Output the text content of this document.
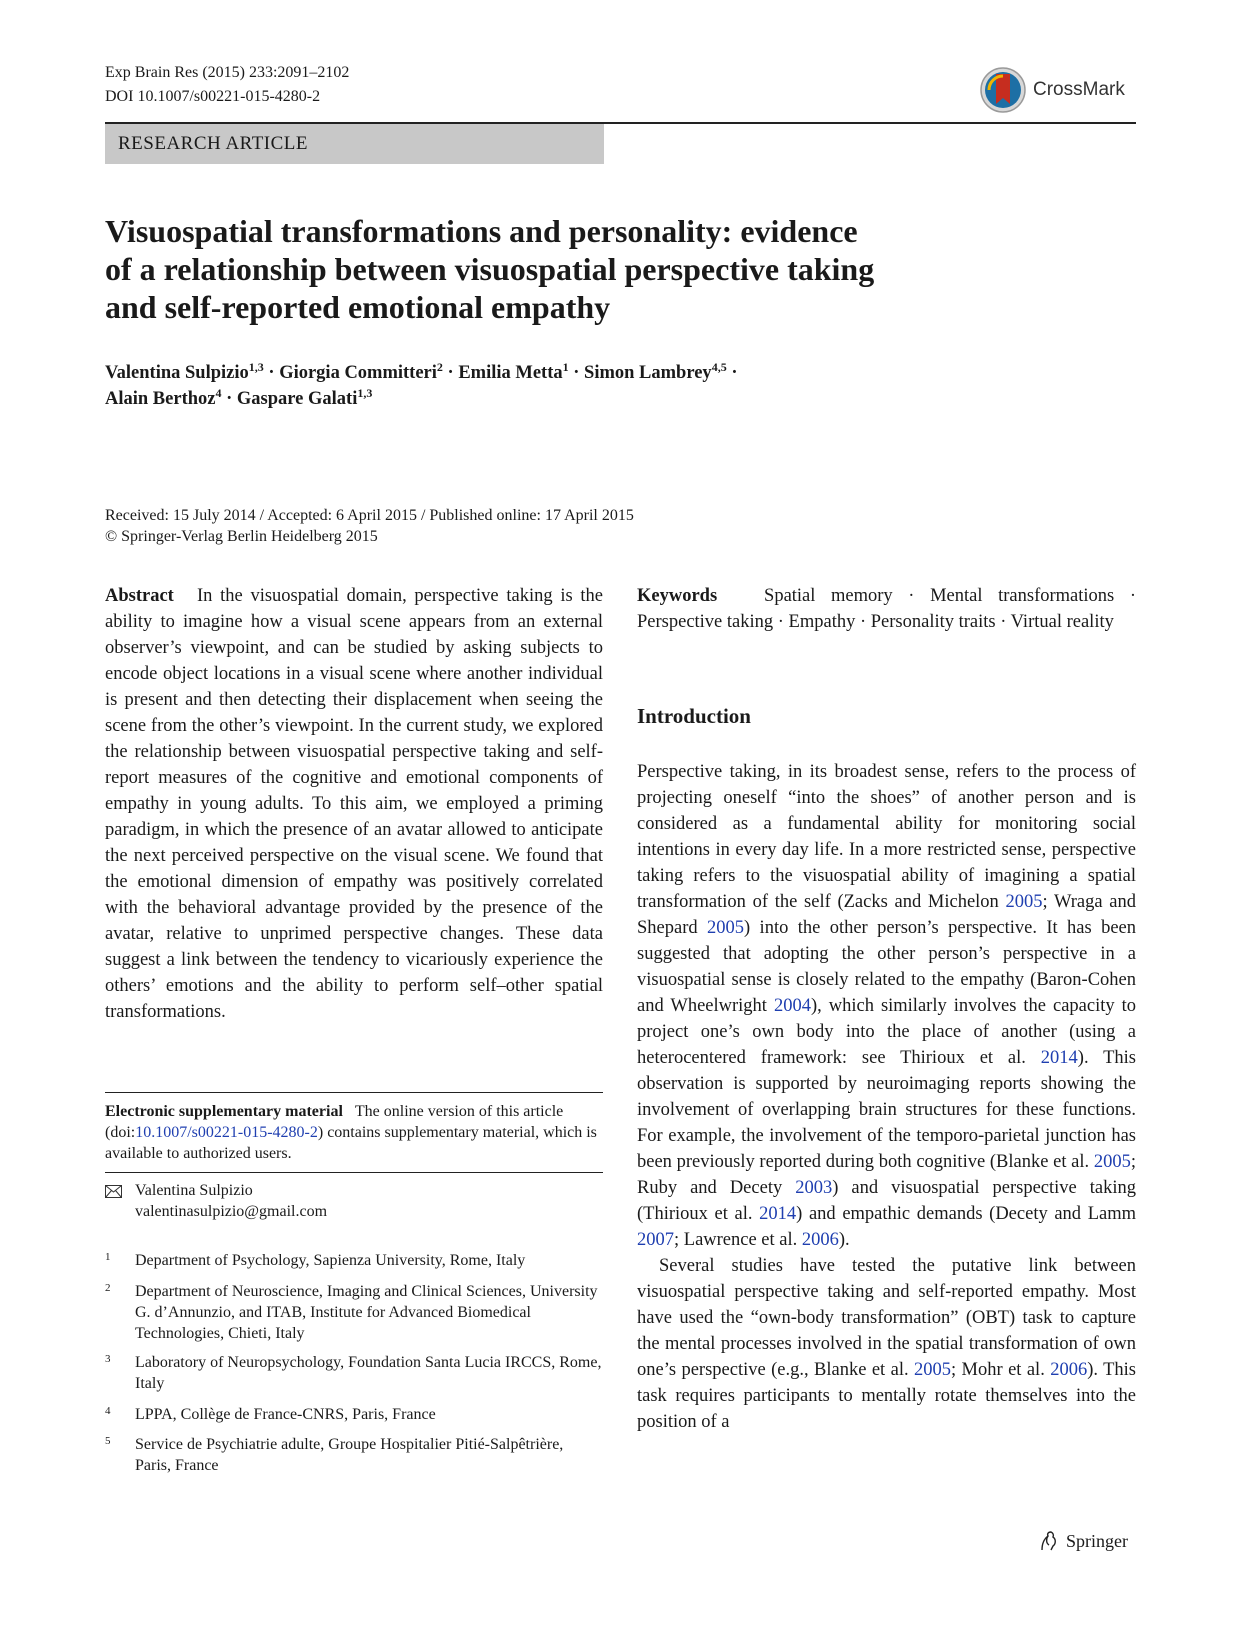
Exp Brain Res (2015) 233:2091–2102
DOI 10.1007/s00221-015-4280-2	CrossMark
RESEARCH ARTICLE
Visuospatial transformations and personality: evidence
of a relationship between visuospatial perspective taking
and self-reported emotional empathy
Valentina Sulpizio$^{1,3}$ · Giorgia Committeri$^2$ · Emilia Metta$^1$ · Simon Lambrey$^{4,5}$ ·
Alain Berthoz$^4$ · Gaspare Galati$^{1,3}$
Received: 15 July 2014 / Accepted: 6 April 2015 / Published online: 17 April 2015
© Springer-Verlag Berlin Heidelberg 2015
Abstract In the visuospatial domain, perspective taking is the ability to imagine how a visual scene appears from an external observer’s viewpoint, and can be studied by asking subjects to encode object locations in a visual scene where another individual is present and then detecting their displacement when seeing the scene from the other’s viewpoint. In the current study, we explored the relationship between visuospatial perspective taking and self-report measures of the cognitive and emotional components of empathy in young adults. To this aim, we employed a priming paradigm, in which the presence of an avatar allowed to anticipate the next perceived perspective on the visual scene. We found that the emotional dimension of empathy was positively correlated with the behavioral advantage provided by the presence of the avatar, relative to unprimed perspective changes. These data suggest a link between the tendency to vicariously experience the others’ emotions and the ability to perform self–other spatial transformations.
Electronic supplementary material The online version of this article (doi:10.1007/s00221-015-4280-2) contains supplementary material, which is available to authorized users.
Valentina Sulpizio
valentinasulpizio@gmail.com
1 Department of Psychology, Sapienza University, Rome, Italy
2 Department of Neuroscience, Imaging and Clinical Sciences, University G. d’Annunzio, and ITAB, Institute for Advanced Biomedical Technologies, Chieti, Italy
3 Laboratory of Neuropsychology, Foundation Santa Lucia IRCCS, Rome, Italy
4 LPPA, Collège de France-CNRS, Paris, France
5 Service de Psychiatrie adulte, Groupe Hospitalier Pitié-Salpêtrière, Paris, France
Keywords	Spatial memory · Mental transformations · Perspective taking · Empathy · Personality traits · Virtual reality
Introduction
Perspective taking, in its broadest sense, refers to the process of projecting oneself “into the shoes” of another person and is considered as a fundamental ability for monitoring social intentions in every day life. In a more restricted sense, perspective taking refers to the visuospatial ability of imagining a spatial transformation of the self (Zacks and Michelon 2005; Wraga and Shepard 2005) into the other person’s perspective. It has been suggested that adopting the other person’s perspective in a visuospatial sense is closely related to the empathy (Baron-Cohen and Wheelwright 2004), which similarly involves the capacity to project one’s own body into the place of another (using a heterocentered framework: see Thirioux et al. 2014). This observation is supported by neuroimaging reports showing the involvement of overlapping brain structures for these functions. For example, the involvement of the temporo-parietal junction has been previously reported during both cognitive (Blanke et al. 2005; Ruby and Decety 2003) and visuospatial perspective taking (Thirioux et al. 2014) and empathic demands (Decety and Lamm 2007; Lawrence et al. 2006).
Several studies have tested the putative link between visuospatial perspective taking and self-reported empathy. Most have used the “own-body transformation” (OBT) task to capture the mental processes involved in the spatial transformation of own one’s perspective (e.g., Blanke et al. 2005; Mohr et al. 2006). This task requires participants to mentally rotate themselves into the position of a
Springer
